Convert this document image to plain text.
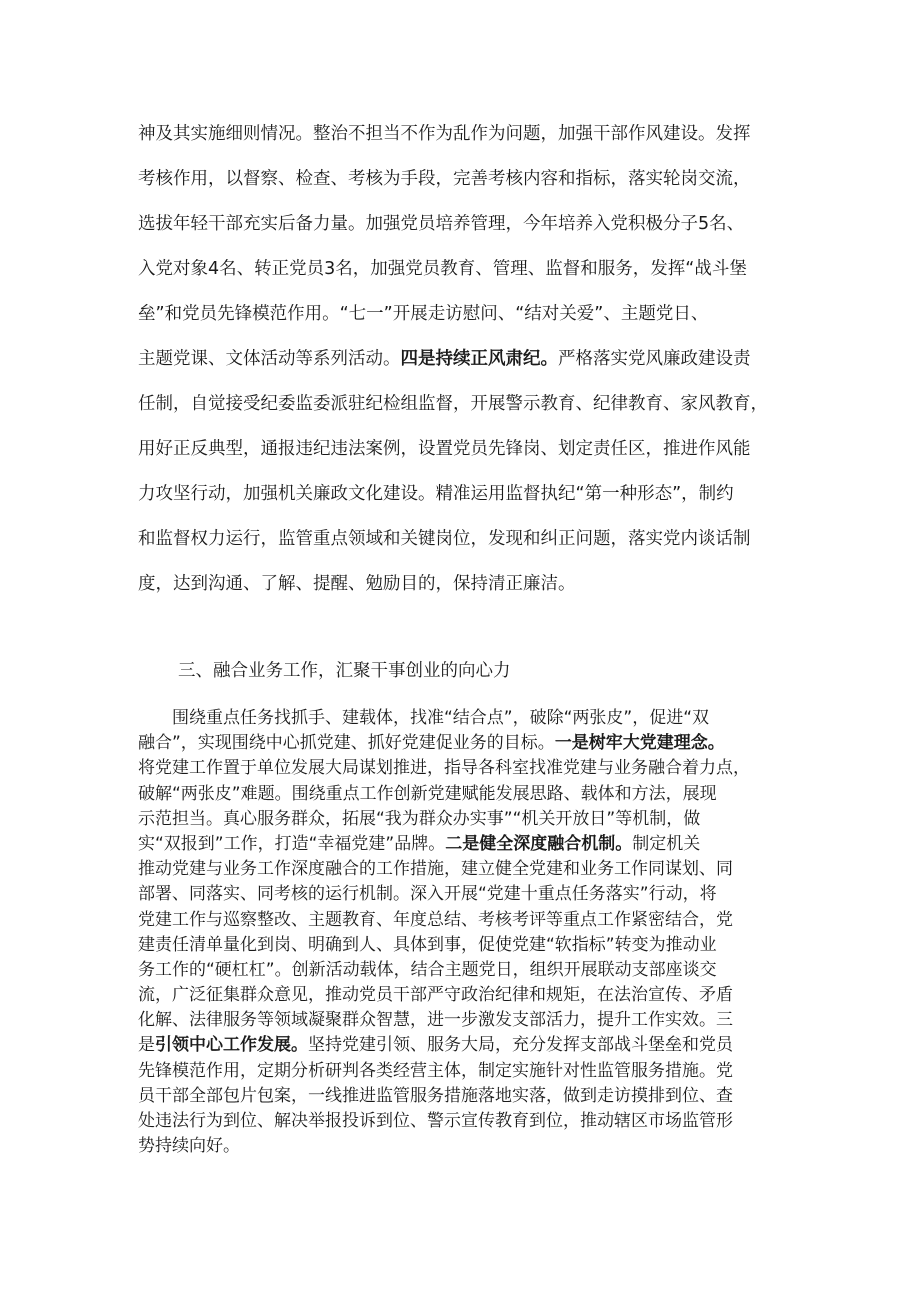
神及其实施细则情况。整治不担当不作为乱作为问题，加强干部作风建设。发挥
考核作用，以督察、检查、考核为手段，完善考核内容和指标，落实轮岗交流，
选拔年轻干部充实后备力量。加强党员培养管理，今年培养入党积极分子5名、
入党对象4名、转正党员3名，加强党员教育、管理、监督和服务，发挥“战斗堡
垒”和党员先锋模范作用。“七一”开展走访慰问、“结对关爱”、主题党日、
主题党课、文体活动等系列活动。四是持续正风肃纪。严格落实党风廉政建设责
任制，自觉接受纪委监委派驻纪检组监督，开展警示教育、纪律教育、家风教育，
用好正反典型，通报违纪违法案例，设置党员先锋岗、划定责任区，推进作风能
力攻坚行动，加强机关廉政文化建设。精准运用监督执纪“第一种形态”，制约
和监督权力运行，监管重点领域和关键岗位，发现和纠正问题，落实党内谈话制
度，达到沟通、了解、提醒、勉励目的，保持清正廉洁。
三、融合业务工作，汇聚干事创业的向心力
围绕重点任务找抓手、建载体，找准“结合点”，破除“两张皮”，促进“双
融合”，实现围绕中心抓党建、抓好党建促业务的目标。一是树牢大党建理念。
将党建工作置于单位发展大局谋划推进，指导各科室找准党建与业务融合着力点，
破解“两张皮”难题。围绕重点工作创新党建赋能发展思路、载体和方法，展现
示范担当。真心服务群众，拓展“我为群众办实事”“机关开放日”等机制，做
实“双报到”工作，打造“幸福党建”品牌。二是健全深度融合机制。制定机关
推动党建与业务工作深度融合的工作措施，建立健全党建和业务工作同谋划、同
部署、同落实、同考核的运行机制。深入开展“党建十重点任务落实”行动，将
党建工作与巡察整改、主题教育、年度总结、考核考评等重点工作紧密结合，党
建责任清单量化到岗、明确到人、具体到事，促使党建“软指标”转变为推动业
务工作的“硬杠杠”。创新活动载体，结合主题党日，组织开展联动支部座谈交
流，广泛征集群众意见，推动党员干部严守政治纪律和规矩，在法治宣传、矛盾
化解、法律服务等领域凝聚群众智慧，进一步激发支部活力，提升工作实效。三
是引领中心工作发展。坚持党建引领、服务大局，充分发挥支部战斗堡垒和党员
先锋模范作用，定期分析研判各类经营主体，制定实施针对性监管服务措施。党
员干部全部包片包案，一线推进监管服务措施落地实落，做到走访摸排到位、查
处违法行为到位、解决举报投诉到位、警示宣传教育到位，推动辖区市场监管形
势持续向好。
